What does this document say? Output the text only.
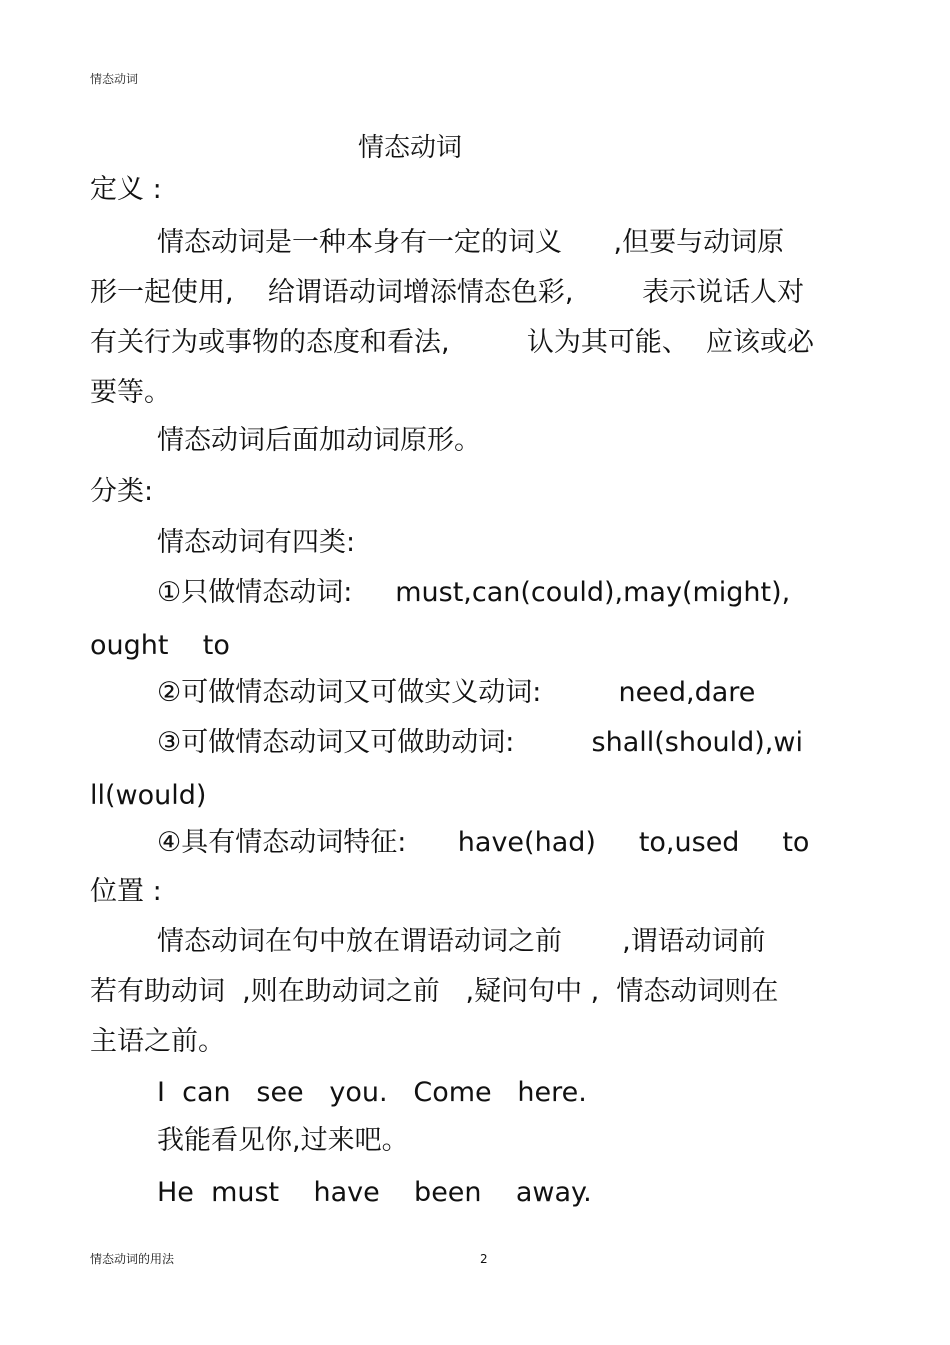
情态动词
情态动词
定义 :
情态动词是一种本身有一定的词义      ,但要与动词原
形一起使用,    给谓语动词增添情态色彩,        表示说话人对
有关行为或事物的态度和看法,         认为其可能、  应该或必
要等。
情态动词后面加动词原形。
分类:
情态动词有四类:
①只做情态动词:     must,can(could),may(might),
ought    to
②可做情态动词又可做实义动词:         need,dare
③可做情态动词又可做助动词:         shall(should),wi
ll(would)
④具有情态动词特征:      have(had)     to,used     to
位置 :
情态动词在句中放在谓语动词之前       ,谓语动词前
若有助动词  ,则在助动词之前   ,疑问句中 ,  情态动词则在
主语之前。
I  can   see   you.   Come   here.
我能看见你,过来吧。
He  must    have    been    away.
情态动词的用法	2
